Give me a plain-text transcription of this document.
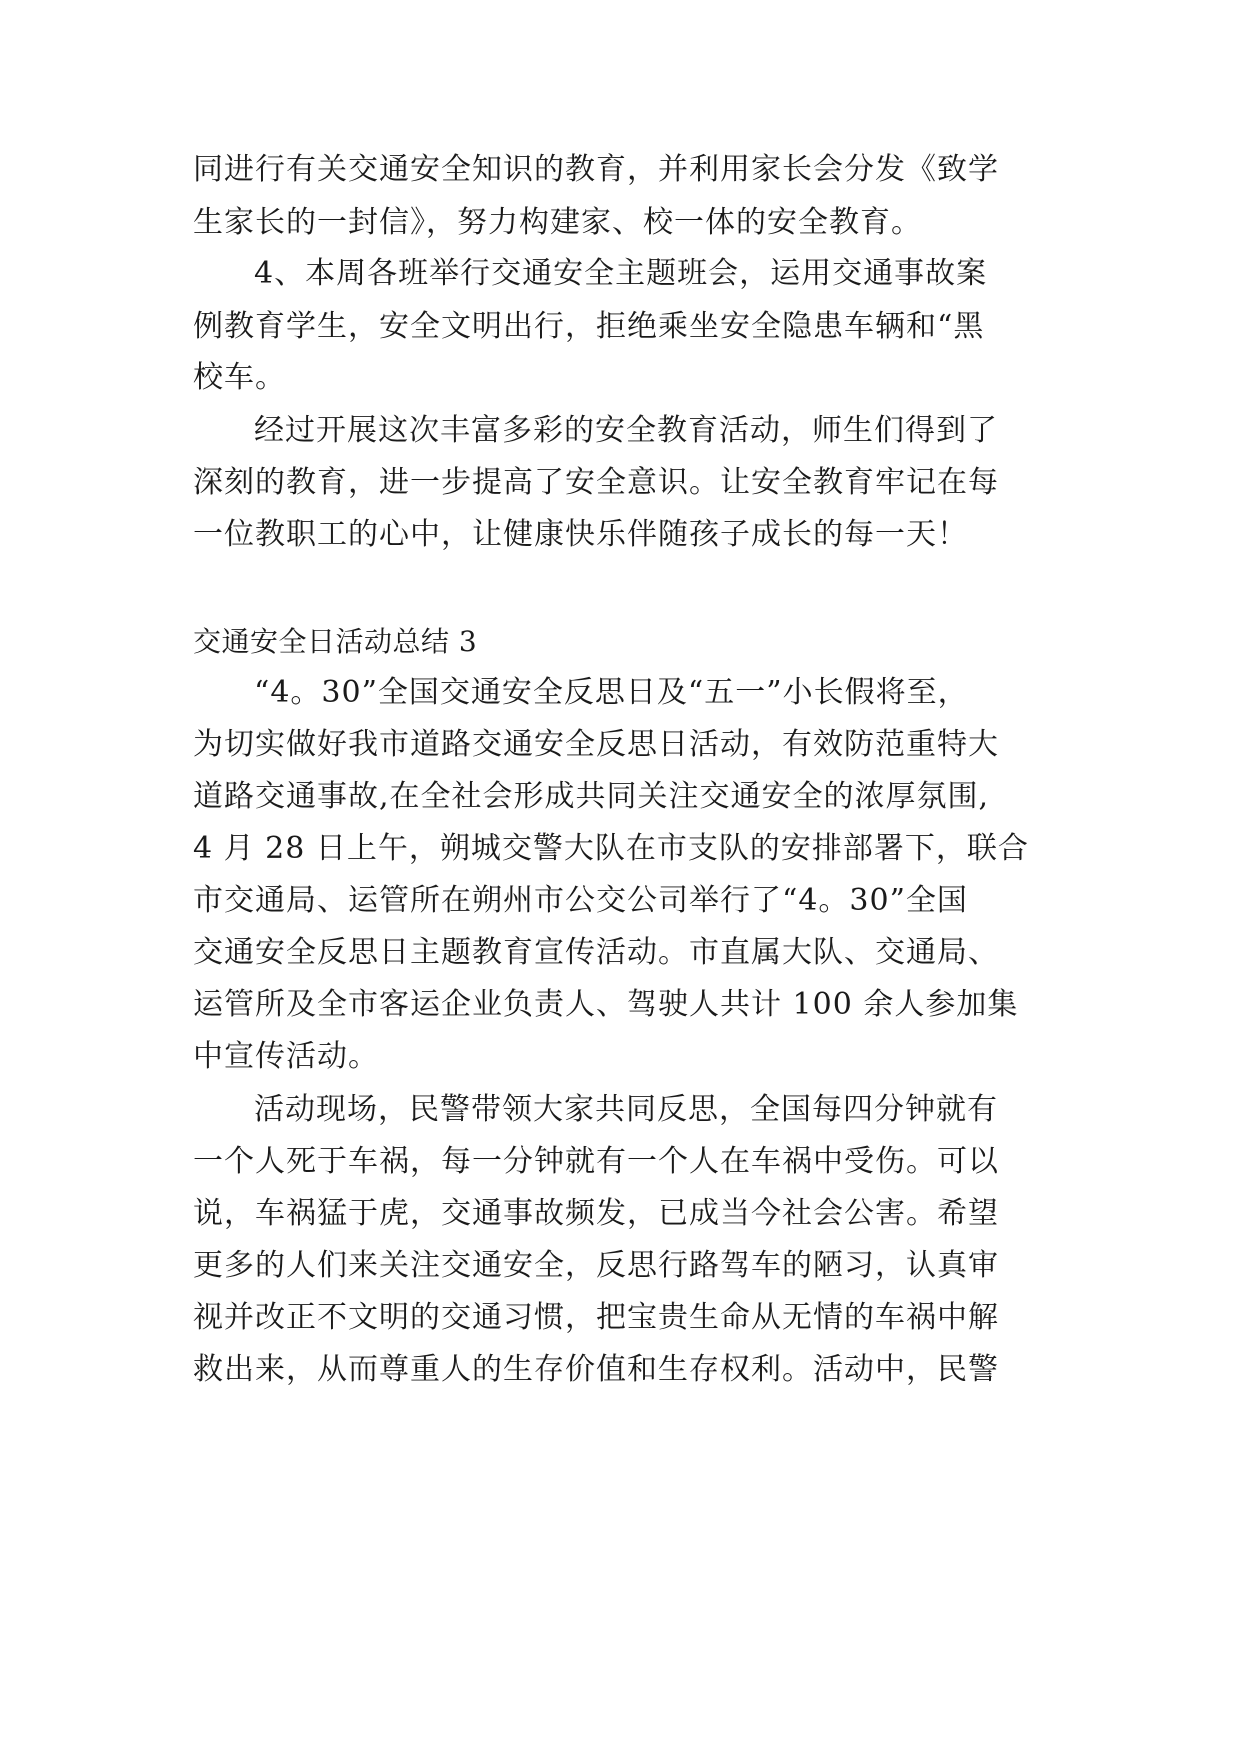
同进行有关交通安全知识的教育，并利用家长会分发《致学
生家长的一封信》，努力构建家、校一体的安全教育。
4、本周各班举行交通安全主题班会，运用交通事故案
例教育学生，安全文明出行，拒绝乘坐安全隐患车辆和“黑
校车。
经过开展这次丰富多彩的安全教育活动，师生们得到了
深刻的教育，进一步提高了安全意识。让安全教育牢记在每
一位教职工的心中，让健康快乐伴随孩子成长的每一天！
交通安全日活动总结 3
“4。30”全国交通安全反思日及“五一”小长假将至，
为切实做好我市道路交通安全反思日活动，有效防范重特大
道路交通事故,在全社会形成共同关注交通安全的浓厚氛围,
4 月 28 日上午，朔城交警大队在市支队的安排部署下，联合
市交通局、运管所在朔州市公交公司举行了“4。30”全国
交通安全反思日主题教育宣传活动。市直属大队、交通局、
运管所及全市客运企业负责人、驾驶人共计 100 余人参加集
中宣传活动。
活动现场，民警带领大家共同反思，全国每四分钟就有
一个人死于车祸，每一分钟就有一个人在车祸中受伤。可以
说，车祸猛于虎，交通事故频发，已成当今社会公害。希望
更多的人们来关注交通安全，反思行路驾车的陋习，认真审
视并改正不文明的交通习惯，把宝贵生命从无情的车祸中解
救出来，从而尊重人的生存价值和生存权利。活动中，民警
